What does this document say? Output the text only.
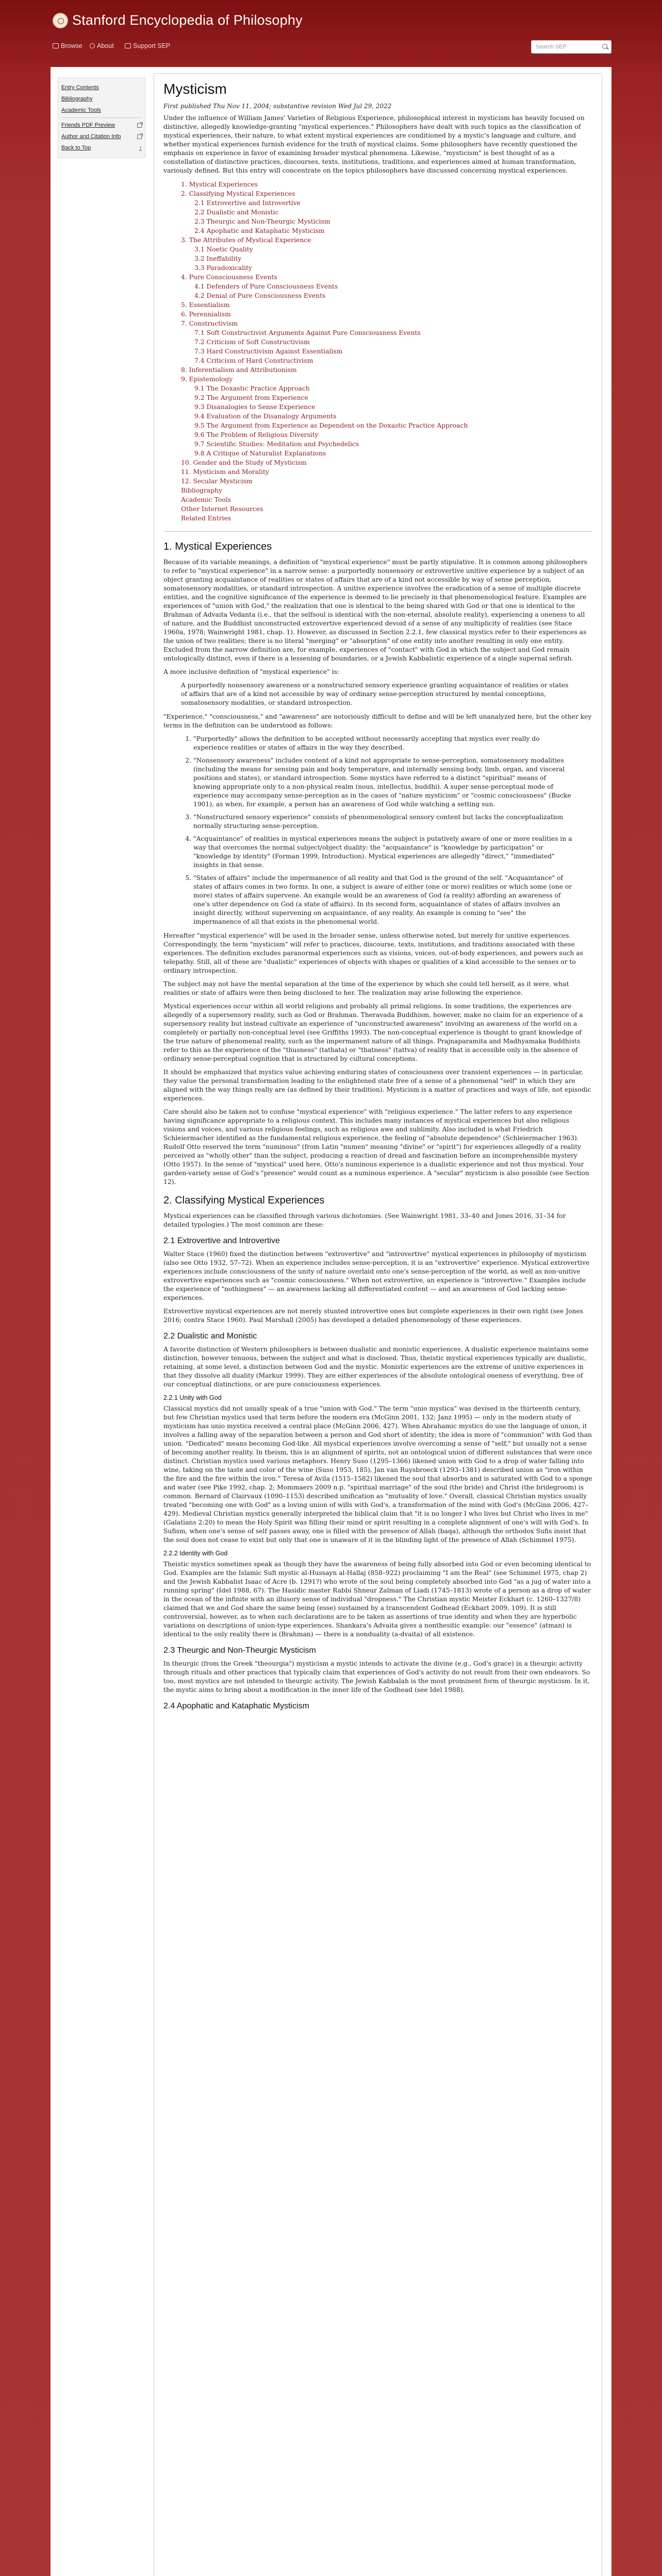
Stanford Encyclopedia of Philosophy
Browse About	Support SEP	Search SEP
Entry Contents
Bibliography
Academic Tools
Friends PDF Preview
Author and Citation Info
Back to Top	↑
Mysticism
First published Thu Nov 11, 2004; substantive revision Wed Jul 29, 2022

Under the influence of William James' Varieties of Religious Experience, philosophical interest in mysticism has heavily focused on distinctive, allegedly knowledge-granting "mystical experiences." Philosophers have dealt with such topics as the classification of mystical experiences, their nature, to what extent mystical experiences are conditioned by a mystic's language and culture, and whether mystical experiences furnish evidence for the truth of mystical claims. Some philosophers have recently questioned the emphasis on experience in favor of examining broader mystical phenomena. Likewise, "mysticism" is best thought of as a constellation of distinctive practices, discourses, texts, institutions, traditions, and experiences aimed at human transformation, variously defined. But this entry will concentrate on the topics philosophers have discussed concerning mystical experiences.

1. Mystical Experiences
2. Classifying Mystical Experiences
2.1 Extrovertive and Introvertive
2.2 Dualistic and Monistic
2.3 Theurgic and Non-Theurgic Mysticism
2.4 Apophatic and Kataphatic Mysticism
3. The Attributes of Mystical Experience
3.1 Noetic Quality
3.2 Ineffability
3.3 Paradoxicality
4. Pure Consciousness Events
4.1 Defenders of Pure Consciousness Events
4.2 Denial of Pure Consciousness Events
5. Essentialism
6. Perennialism
7. Constructivism
7.1 Soft Constructivist Arguments Against Pure Consciousness Events
7.2 Criticism of Soft Constructivism
7.3 Hard Constructivism Against Essentialism
7.4 Criticism of Hard Constructivism
8. Inferentialism and Attributionism
9. Epistemology
9.1 The Doxastic Practice Approach
9.2 The Argument from Experience
9.3 Disanalogies to Sense Experience
9.4 Evaluation of the Disanalogy Arguments
9.5 The Argument from Experience as Dependent on the Doxastic Practice Approach
9.6 The Problem of Religious Diversity
9.7 Scientific Studies: Meditation and Psychedelics
9.8 A Critique of Naturalist Explanations
10. Gender and the Study of Mysticism
11. Mysticism and Morality
12. Secular Mysticism
Bibliography
Academic Tools
Other Internet Resources
Related Entries
1. Mystical Experiences

Because of its variable meanings, a definition of "mystical experience" must be partly stipulative. It is common among philosophers to refer to "mystical experience" in a narrow sense: a purportedly nonsensory or extrovertive unitive experience by a subject of an object granting acquaintance of realities or states of affairs that are of a kind not accessible by way of sense perception, somatosensory modalities, or standard introspection. A unitive experience involves the eradication of a sense of multiple discrete entities, and the cognitive significance of the experience is deemed to lie precisely in that phenomenological feature. Examples are experiences of "union with God," the realization that one is identical to the being shared with God or that one is identical to the Brahman of Advaita Vedanta (i.e., that the selfsoul is identical with the non-eternal, absolute reality), experiencing a oneness to all of nature, and the Buddhist unconstructed extrovertive experienced devoid of a sense of any multiplicity of realities (see Stace 1960a, 1978; Wainwright 1981, chap. 1). However, as discussed in Section 2.2.1, few classical mystics refer to their experiences as the union of two realities; there is no literal "merging" or "absorption" of one entity into another resulting in only one entity. Excluded from the narrow definition are, for example, experiences of "contact" with God in which the subject and God remain ontologically distinct, even if there is a lessening of boundaries, or a Jewish Kabbalistic experience of a single supernal sefirah.

A more inclusive definition of "mystical experience" is:

A purportedly nonsensory awareness or a nonstructured sensory experience granting acquaintance of realities or states of affairs that are of a kind not accessible by way of ordinary sense-perception structured by mental conceptions, somatosensory modalities, or standard introspection.

"Experience," "consciousness," and "awareness" are notoriously difficult to define and will be left unanalyzed here, but the other key terms in the definition can be understood as follows:

1. "Purportedly" allows the definition to be accepted without necessarily accepting that mystics ever really do experience realities or states of affairs in the way they described.
2. "Nonsensory awareness" includes content of a kind not appropriate to sense-perception, somatosensory modalities (including the means for sensing pain and body temperature, and internally sensing body, limb, organ, and visceral positions and states), or standard introspection. Some mystics have referred to a distinct "spiritual" means of knowing appropriate only to a non-physical realm (nous, intellectus, buddhi). A super sense-perceptual mode of experience may accompany sense-perception as in the cases of "nature mysticism" or "cosmic consciousness" (Bucke 1901), as when, for example, a person has an awareness of God while watching a setting sun.
3. "Nonstructured sensory experience" consists of phenomenological sensory content but lacks the conceptualization normally structuring sense-perception.
4. "Acquaintance" of realities in mystical experiences means the subject is putatively aware of one or more realities in a way that overcomes the normal subject/object duality: the "acquaintance" is "knowledge by participation" or "knowledge by identity" (Forman 1999, Introduction). Mystical experiences are allegedly "direct," "immediated" insights in that sense.
5. "States of affairs" include the impermanence of all reality and that God is the ground of the self. "Acquaintance" of states of affairs comes in two forms. In one, a subject is aware of either (one or more) realities or which some (one or more) states of affairs supervene. An example would be an awareness of God (a reality) affording an awareness of one's utter dependence on God (a state of affairs). In its second form, acquaintance of states of affairs involves an insight directly, without supervening on acquaintance, of any reality. An example is coming to "see" the impermanence of all that exists in the phenomenal world.

Hereafter "mystical experience" will be used in the broader sense, unless otherwise noted, but merely for unitive experiences. Correspondingly, the term "mysticism" will refer to practices, discourse, texts, institutions, and traditions associated with these experiences. The definition excludes paranormal experiences such as visions, voices, out-of-body experiences, and powers such as telepathy. Still, all of these are "dualistic" experiences of objects with shapes or qualities of a kind accessible to the senses or to ordinary introspection.

The subject may not have the mental separation at the time of the experience by which she could tell herself, as it were, what realities or state of affairs were then being disclosed to her. The realization may arise following the experience.

Mystical experiences occur within all world religions and probably all primal religions. In some traditions, the experiences are allegedly of a supersensory reality, such as God or Brahman. Theravada Buddhism, however, make no claim for an experience of a supersensory reality but instead cultivate an experience of "unconstructed awareness" involving an awareness of the world on a completely or partially non-conceptual level (see Griffiths 1993). The non-conceptual experience is thought to grant knowledge of the true nature of phenomenal reality, such as the impermanent nature of all things. Prajnaparamita and Madhyamaka Buddhists refer to this as the experience of the "thusness" (tathata) or "thatness" (tattva) of reality that is accessible only in the absence of ordinary sense-perceptual cognition that is structured by cultural conceptions.

It should be emphasized that mystics value achieving enduring states of consciousness over transient experiences — in particular, they value the personal transformation leading to the enlightened state free of a sense of a phenomenal "self" in which they are aligned with the way things really are (as defined by their tradition). Mysticism is a matter of practices and ways of life, not episodic experiences.

Care should also be taken not to confuse "mystical experience" with "religious experience." The latter refers to any experience having significance appropriate to a religious context. This includes many instances of mystical experiences but also religious visions and voices, and various religious feelings, such as religious awe and sublimity. Also included is what Friedrich Schleiermacher identified as the fundamental religious experience, the feeling of "absolute dependence" (Schleiermacher 1963). Rudolf Otto reserved the term "numinous" (from Latin "numen" meaning "divine" or "spirit") for experiences allegedly of a reality perceived as "wholly other" than the subject, producing a reaction of dread and fascination before an incomprehensible mystery (Otto 1957). In the sense of "mystical" used here, Otto's numinous experience is a dualistic experience and not thus mystical. Your garden-variety sense of God's "presence" would count as a numinous experience. A "secular" mysticism is also possible (see Section 12).

2. Classifying Mystical Experiences

Mystical experiences can be classified through various dichotomies. (See Wainwright 1981, 33–40 and Jones 2016, 31–34 for detailed typologies.) The most common are these:

2.1 Extrovertive and Introvertive

Walter Stace (1960) fixed the distinction between "extrovertive" and "introvertive" mystical experiences in philosophy of mysticism (also see Otto 1932, 57–72). When an experience includes sense-perception, it is an "extrovertive" experience. Mystical extrovertive experiences include consciousness of the unity of nature overlaid onto one's sense-perception of the world, as well as non-unitive extrovertive experiences such as "cosmic consciousness." When not extrovertive, an experience is "introvertive." Examples include the experience of "nothingness" — an awareness lacking all differentiated content — and an awareness of God lacking sense-experiences.

Extrovertive mystical experiences are not merely stunted introvertive ones but complete experiences in their own right (see Jones 2016; contra Stace 1960). Paul Marshall (2005) has developed a detailed phenomenology of these experiences.

2.2 Dualistic and Monistic

A favorite distinction of Western philosophers is between dualistic and monistic experiences. A dualistic experience maintains some distinction, however tenuous, between the subject and what is disclosed. Thus, theistic mystical experiences typically are dualistic, retaining, at some level, a distinction between God and the mystic. Monistic experiences are the extreme of unitive experiences in that they dissolve all duality (Markur 1999). They are either experiences of the absolute ontological oneness of everything, free of our conceptual distinctions, or are pure consciousness experiences.

2.2.1 Unity with God

Classical mystics did not usually speak of a true "union with God." The term "unio mystica" was devised in the thirteenth century, but few Christian mystics used that term before the modern era (McGinn 2001, 132; Janz 1995) — only in the modern study of mysticism has unio mystica received a central place (McGinn 2006, 427). When Abrahamic mystics do use the language of union, it involves a falling away of the separation between a person and God short of identity; the idea is more of "communion" with God than union. "Dedicated" means becoming God-like. All mystical experiences involve overcoming a sense of "self," but usually not a sense of becoming another reality. In theism, this is an alignment of spirits, not an ontological union of different substances that were once distinct. Christian mystics used various metaphors. Henry Suso (1295–1366) likened union with God to a drop of water falling into wine, taking on the taste and color of the wine (Suso 1953, 185), Jan van Ruysbroeck (1293–1381) described union as "iron within the fire and the fire within the iron." Teresa of Avila (1515–1582) likened the soul that absorbs and is saturated with God to a sponge and water (see Pike 1992, chap. 2; Mommaers 2009 n.p. "spiritual marriage" of the soul (the bride) and Christ (the bridegroom) is common. Bernard of Clairvaux (1090–1153) described unification as "mutuality of love." Overall, classical Christian mystics usually treated "becoming one with God" as a loving union of wills with God's, a transformation of the mind with God's (McGinn 2006, 427–429). Medieval Christian mystics generally interpreted the biblical claim that "it is no longer I who lives but Christ who lives in me" (Galatians 2:20) to mean the Holy Spirit was filling their mind or spirit resulting in a complete alignment of one's will with God's. In Sufism, when one's sense of self passes away, one is filled with the presence of Allah (baqa), although the orthodox Sufis insist that the soul does not cease to exist but only that one is unaware of it in the blinding light of the presence of Allah (Schimmel 1975).

2.2.2 Identity with God

Theistic mystics sometimes speak as though they have the awareness of being fully absorbed into God or even becoming identical to God. Examples are the Islamic Sufi mystic al-Hussayn al-Hallaj (858–922) proclaiming "I am the Real" (see Schimmel 1975, chap 2) and the Jewish Kabbalist Isaac of Acre (b. 1291?) who wrote of the soul being completely absorbed into God "as a jug of water into a running spring" (Idel 1988, 67). The Hasidic master Rabbi Shneur Zalman of Liadi (1745–1813) wrote of a person as a drop of water in the ocean of the infinite with an illusory sense of individual "dropness." The Christian mystic Meister Eckhart (c. 1260–1327/8) claimed that we and God share the same being (esse) sustained by a transcendent Godhead (Eckhart 2009, 109). It is still controversial, however, as to when such declarations are to be taken as assertions of true identity and when they are hyperbolic variations on descriptions of union-type experiences. Shankara's Advaita gives a nonthesitic example: our "essence" (atman) is identical to the only reality there is (Brahman) — there is a nonduality (a-dvaita) of all existence.

2.3 Theurgic and Non-Theurgic Mysticism

In theurgic (from the Greek "theourgia") mysticism a mystic intends to activate the divine (e.g., God's grace) in a theurgic activity through rituals and other practices that typically claim that experiences of God's activity do not result from their own endeavors. So too, most mystics are not intended to theurgic activity. The Jewish Kabbalah is the most prominent form of theurgic mysticism. In it, the mystic aims to bring about a modification in the inner life of the Godhead (see Idel 1988).

2.4 Apophatic and Kataphatic Mysticism
